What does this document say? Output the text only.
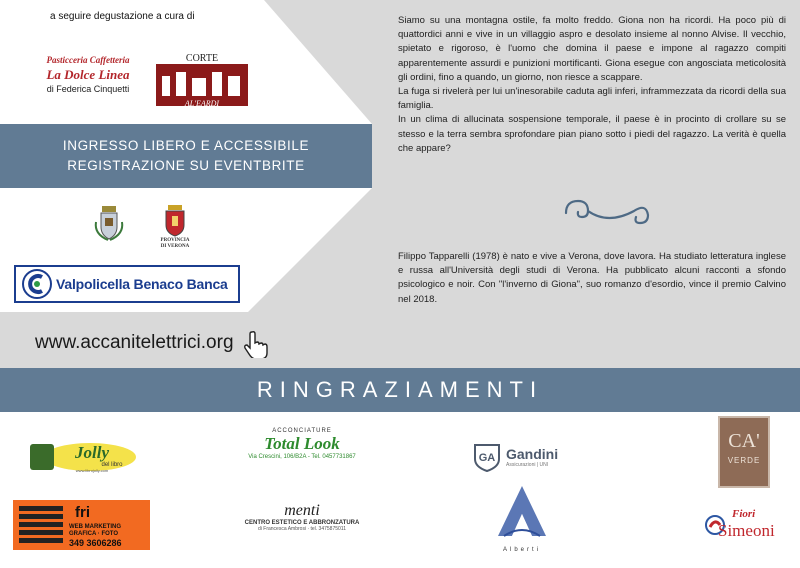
a seguire degustazione a cura di
Pasticceria Caffetteria
La Dolce Linea
di Federica Cinquetti
CORTE
AL'EARDI
INGRESSO LIBERO E ACCESSIBILE
REGISTRAZIONE SU EVENTBRITE
PROVINCIA
DI VERONA
Valpolicella Benaco Banca
www.accanitelettrici.org

Siamo su una montagna ostile, fa molto freddo. Giona non ha ricordi. Ha poco più di quattordici anni e vive in un villaggio aspro e desolato insieme al nonno Alvise. Il vecchio, spietato e rigoroso, è l'uomo che domina il paese e impone al ragazzo compiti apparentemente assurdi e punizioni mortificanti. Giona esegue con angosciata meticolosità gli ordini, fino a quando, un giorno, non riesce a scappare.

La fuga si rivelerà per lui un'inesorabile caduta agli inferi, inframmezzata da ricordi della sua famiglia.

In un clima di allucinata sospensione temporale, il paese è in procinto di crollare su se stesso e la terra sembra sprofondare pian piano sotto i piedi del ragazzo. La verità è quella che appare?

Filippo Tapparelli (1978) è nato e vive a Verona, dove lavora. Ha studiato letteratura inglese e russa all'Università degli studi di Verona. Ha pubblicato alcuni racconti a sfondo psicologico e noir. Con "l'inverno di Giona", suo romanzo d'esordio, vince il premio Calvino nel 2018.
RINGRAZIAMENTI
Jolly
del libro
www.librojolly.com
ACCONCIATURE
Total Look
Via Crescini, 106/B2A - Tel. 0457731867	GA Gandini
Assicurazioni | UNI
CA'
VERDE
fri
WEB MARKETING
GRAFICA · FOTO
349 3606286
menti
CENTRO ESTETICO E ABBRONZATURA
di Francesca Ambrosi · tel. 3475875011
Alberti
Fiori
Simeoni
